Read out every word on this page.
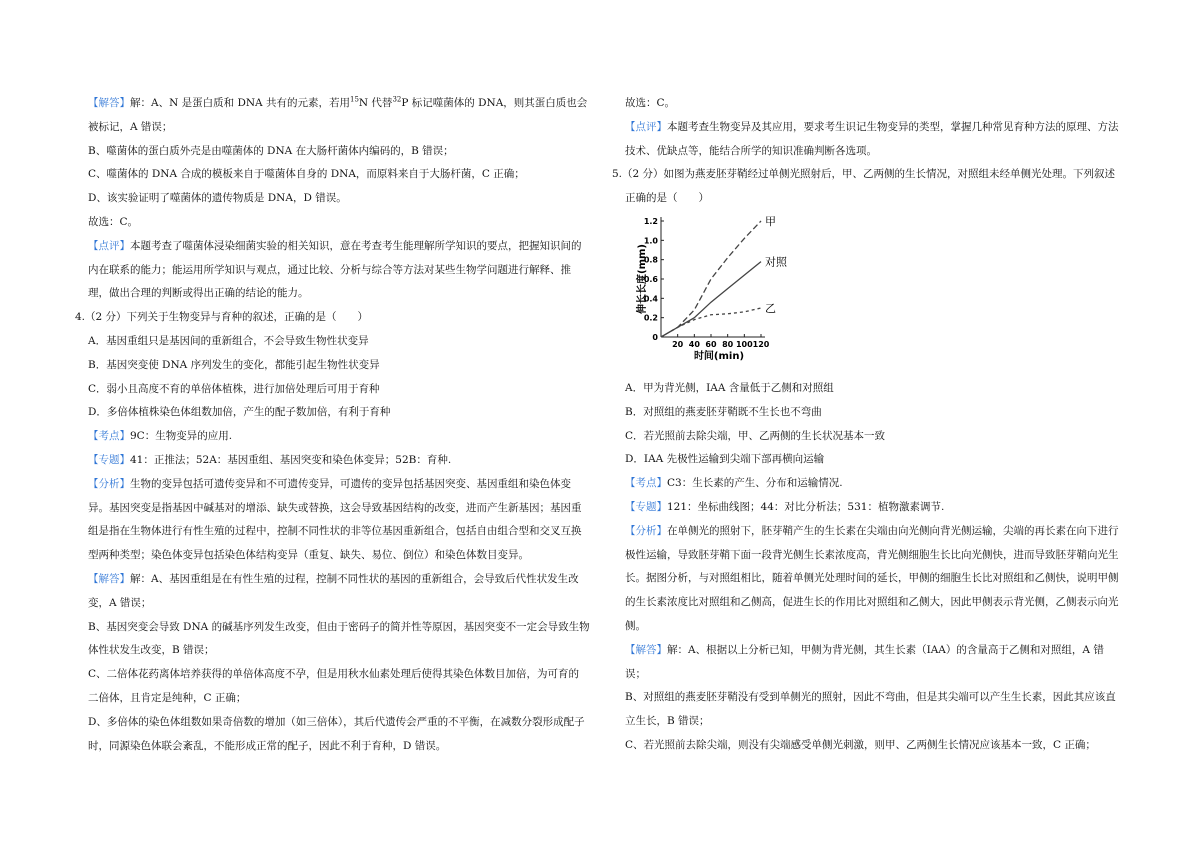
【解答】解：A、N 是蛋白质和 DNA 共有的元素，若用$^{15}$N 代替$^{32}$P 标记噬菌体的 DNA，则其蛋白质也会

被标记，A 错误；

B、噬菌体的蛋白质外壳是由噬菌体的 DNA 在大肠杆菌体内编码的，B 错误；

C、噬菌体的 DNA 合成的模板来自于噬菌体自身的 DNA，而原料来自于大肠杆菌，C 正确；

D、该实验证明了噬菌体的遗传物质是 DNA，D 错误。

故选：C。

【点评】本题考查了噬菌体浸染细菌实验的相关知识，意在考查考生能理解所学知识的要点，把握知识间的

内在联系的能力；能运用所学知识与观点，通过比较、分析与综合等方法对某些生物学问题进行解释、推

理，做出合理的判断或得出正确的结论的能力。

4.（2 分）下列关于生物变异与育种的叙述，正确的是（　　）

A．基因重组只是基因间的重新组合，不会导致生物性状变异

B．基因突变使 DNA 序列发生的变化，都能引起生物性状变异

C．弱小且高度不育的单倍体植株，进行加倍处理后可用于育种

D．多倍体植株染色体组数加倍，产生的配子数加倍，有利于育种

【考点】9C：生物变异的应用.

【专题】41：正推法；52A：基因重组、基因突变和染色体变异；52B：育种.

【分析】生物的变异包括可遗传变异和不可遗传变异，可遗传的变异包括基因突变、基因重组和染色体变

异。基因突变是指基因中碱基对的增添、缺失或替换，这会导致基因结构的改变，进而产生新基因；基因重

组是指在生物体进行有性生殖的过程中，控制不同性状的非等位基因重新组合，包括自由组合型和交叉互换

型两种类型；染色体变异包括染色体结构变异（重复、缺失、易位、倒位）和染色体数目变异。

【解答】解：A、基因重组是在有性生殖的过程，控制不同性状的基因的重新组合，会导致后代性状发生改

变，A 错误；

B、基因突变会导致 DNA 的碱基序列发生改变，但由于密码子的简并性等原因，基因突变不一定会导致生物

体性状发生改变，B 错误；

C、二倍体花药离体培养获得的单倍体高度不孕，但是用秋水仙素处理后使得其染色体数目加倍，为可育的

二倍体，且肯定是纯种，C 正确；

D、多倍体的染色体组数如果奇倍数的增加（如三倍体），其后代遗传会严重的不平衡，在减数分裂形成配子

时，同源染色体联会紊乱，不能形成正常的配子，因此不利于育种，D 错误。

故选：C。

【点评】本题考查生物变异及其应用，要求考生识记生物变异的类型，掌握几种常见育种方法的原理、方法

技术、优缺点等，能结合所学的知识准确判断各选项。

5.（2 分）如图为燕麦胚芽鞘经过单侧光照射后，甲、乙两侧的生长情况，对照组未经单侧光处理。下列叙述

正确的是（　　）

20 40 60 80 100 120
0
0.2
0.4
0.6
0.8
1.0
1.2
时间(min)
伸长长度(mm)
甲
对照
乙

A．甲为背光侧，IAA 含量低于乙侧和对照组

B．对照组的燕麦胚芽鞘既不生长也不弯曲

C．若光照前去除尖端，甲、乙两侧的生长状况基本一致

D．IAA 先极性运输到尖端下部再横向运输

【考点】C3：生长素的产生、分布和运输情况.

【专题】121：坐标曲线图；44：对比分析法；531：植物激素调节.

【分析】在单侧光的照射下，胚芽鞘产生的生长素在尖端由向光侧向背光侧运输，尖端的再长素在向下进行

极性运输，导致胚芽鞘下面一段背光侧生长素浓度高，背光侧细胞生长比向光侧快，进而导致胚芽鞘向光生

长。据图分析，与对照组相比，随着单侧光处理时间的延长，甲侧的细胞生长比对照组和乙侧快，说明甲侧

的生长素浓度比对照组和乙侧高，促进生长的作用比对照组和乙侧大，因此甲侧表示背光侧，乙侧表示向光

侧。

【解答】解：A、根据以上分析已知，甲侧为背光侧，其生长素（IAA）的含量高于乙侧和对照组，A 错

误；

B、对照组的燕麦胚芽鞘没有受到单侧光的照射，因此不弯曲，但是其尖端可以产生生长素，因此其应该直

立生长，B 错误；

C、若光照前去除尖端，则没有尖端感受单侧光刺激，则甲、乙两侧生长情况应该基本一致，C 正确；
